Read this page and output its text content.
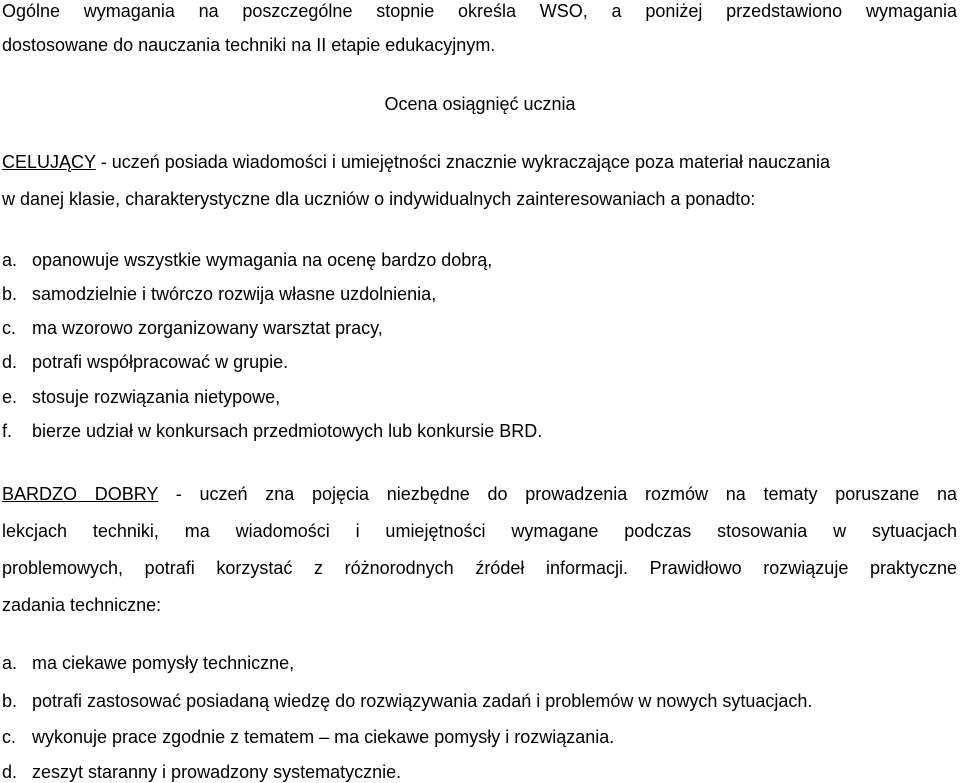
Ogólne wymagania na poszczególne stopnie określa WSO, a poniżej przedstawiono wymagania
dostosowane do nauczania techniki na II etapie edukacyjnym.
Ocena osiągnięć ucznia
CELUJĄCY - uczeń posiada wiadomości i umiejętności znacznie wykraczające poza materiał nauczania
w danej klasie, charakterystyczne dla uczniów o indywidualnych zainteresowaniach a ponadto:
a. opanowuje wszystkie wymagania na ocenę bardzo dobrą,
b. samodzielnie i twórczo rozwija własne uzdolnienia,
c. ma wzorowo zorganizowany warsztat pracy,
d. potrafi współpracować w grupie.
e. stosuje rozwiązania nietypowe,
f. bierze udział w konkursach przedmiotowych lub konkursie BRD.
BARDZO DOBRY - uczeń zna pojęcia niezbędne do prowadzenia rozmów na tematy poruszane na
lekcjach techniki, ma wiadomości i umiejętności wymagane podczas stosowania w sytuacjach
problemowych, potrafi korzystać z różnorodnych źródeł informacji. Prawidłowo rozwiązuje praktyczne
zadania techniczne:
a. ma ciekawe pomysły techniczne,
b. potrafi zastosować posiadaną wiedzę do rozwiązywania zadań i problemów w nowych sytuacjach.
c. wykonuje prace zgodnie z tematem – ma ciekawe pomysły i rozwiązania.
d. zeszyt staranny i prowadzony systematycznie.
